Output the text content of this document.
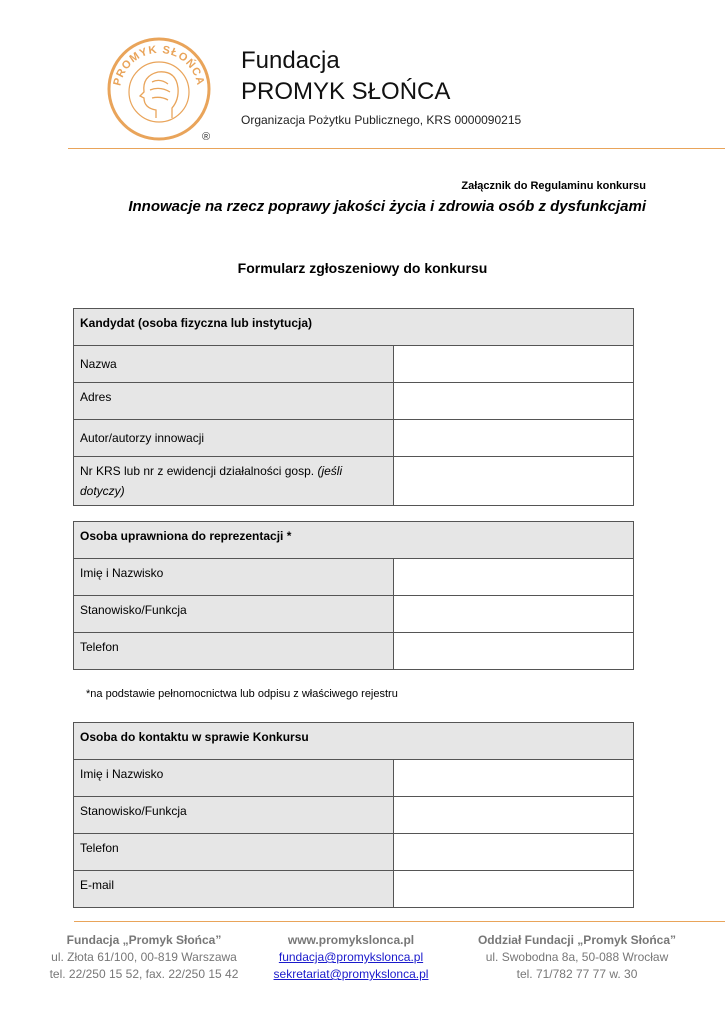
PROMYK SŁOŃCA
®
Fundacja
PROMYK SŁOŃCA
Organizacja Pożytku Publicznego, KRS 0000090215
Załącznik do Regulaminu konkursu
Innowacje na rzecz poprawy jakości życia i zdrowia osób z dysfunkcjami
Formularz zgłoszeniowy do konkursu
Kandydat (osoba fizyczna lub instytucja)	
Nazwa	
Adres	
Autor/autorzy innowacji	
Nr KRS lub nr z ewidencji działalności gosp. (jeśli dotyczy)	
Osoba uprawniona do reprezentacji *	
Imię i Nazwisko	
Stanowisko/Funkcja	
Telefon	
*na podstawie pełnomocnictwa lub odpisu z właściwego rejestru
Osoba do kontaktu w sprawie Konkursu	
Imię i Nazwisko	
Stanowisko/Funkcja	
Telefon	
E-mail	
Fundacja „Promyk Słońca”
ul. Złota 61/100, 00-819 Warszawa
tel. 22/250 15 52, fax. 22/250 15 42
www.promykslonca.pl
fundacja@promykslonca.pl
sekretariat@promykslonca.pl
Oddział Fundacji „Promyk Słońca”
ul. Swobodna 8a, 50-088 Wrocław
tel. 71/782 77 77 w. 30
